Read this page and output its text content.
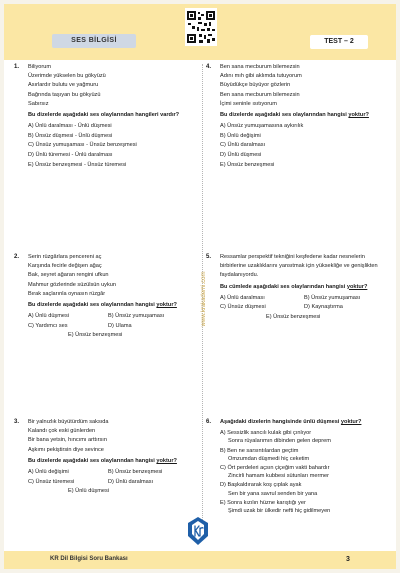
SES BİLGİSİ	TEST – 2
www.krakademi.com
1. Biliyorum
Üzerimde yükselen bu gökyüzü
Asırlardır bulutu ve yağmuru
Bağrında taşıyan bu gökyüzü
Sabırsız
Bu dizelerde aşağıdaki ses olaylarından hangileri vardır?
A) Ünlü daralması - Ünlü düşmesi
B) Ünsüz düşmesi - Ünlü düşmesi
C) Ünsüz yumuşaması - Ünsüz benzeşmesi
D) Ünlü türemesi - Ünlü daralması
E) Ünsüz benzeşmesi - Ünsüz türemesi
2. Serin rüzgârlara pencereni aç
Karşında fecirle değişen ağaç
Bak, seyret ağaran rengini ufkun
Mahmur gözlerinde süzülsün uykun
Bırak saçlarınla oynasın rüzgâr
Bu dizelerde aşağıdaki ses olaylarından hangisi yoktur?
A) Ünlü düşmesi	B) Ünsüz yumuşaması
C) Yardımcı ses	D) Ulama
E) Ünsüz benzeşmesi
3. Bir yalnızlık büyütürdüm saksıda
Kalandı çok eski günlerden
Bir bana yetsin, hıncımı arttırsın
Aşkımı pekiştirsin diye sevince
Bu dizelerde aşağıdaki ses olaylarından hangisi yoktur?
A) Ünlü değişimi	B) Ünsüz benzeşmesi
C) Ünsüz türemesi	D) Ünlü daralması
E) Ünlü düşmesi
4. Ben sana mecburum bilemezsin
Adını mıh gibi aklımda tutuyorum
Büyüdükçe büyüyor gözlerin
Ben sana mecburum bilemezsin
İçimi seninle ısıtıyorum
Bu dizelerde aşağıdaki ses olaylarından hangisi yoktur?
A) Ünsüz yumuşamasına aykırılık
B) Ünlü değişimi
C) Ünlü daralması
D) Ünlü düşmesi
E) Ünsüz benzeşmesi
5. Ressamlar perspektif tekniğini keşfedene kadar nesnelerin birbirlerine uzaklıklarını yansıtmak için yüksekliğe ve genişlikten faydalanıyordu.
Bu cümlede aşağıdaki ses olaylarından hangisi yoktur?
A) Ünlü daralması	B) Ünsüz yumuşaması
C) Ünsüz düşmesi	D) Kaynaştırma
E) Ünsüz benzeşmesi
6. Aşağıdaki dizelerin hangisinde ünlü düşmesi yoktur?
A) Sessizlik sancılı kulak gibi çınlıyor
Sonra rüyalarımın dibinden gelen deprem
B) Ben ne sarsıntılardan geçtim
Omzumdan düşmedi hiç ceketim
C) Ört perdeleri açsın çiçeğim vakti bahardır
Zincirli hamam kubbesi sütunları mermer
D) Başkaldırarak koş çıplak ayak
Sen bir yana savrul senden bir yana
E) Sonra kızılın hüzne karıştığı yer
Şimdi uzak bir ülkedir nefti hiç gidilmeyen
KR Dil Bilgisi Soru Bankası	3
